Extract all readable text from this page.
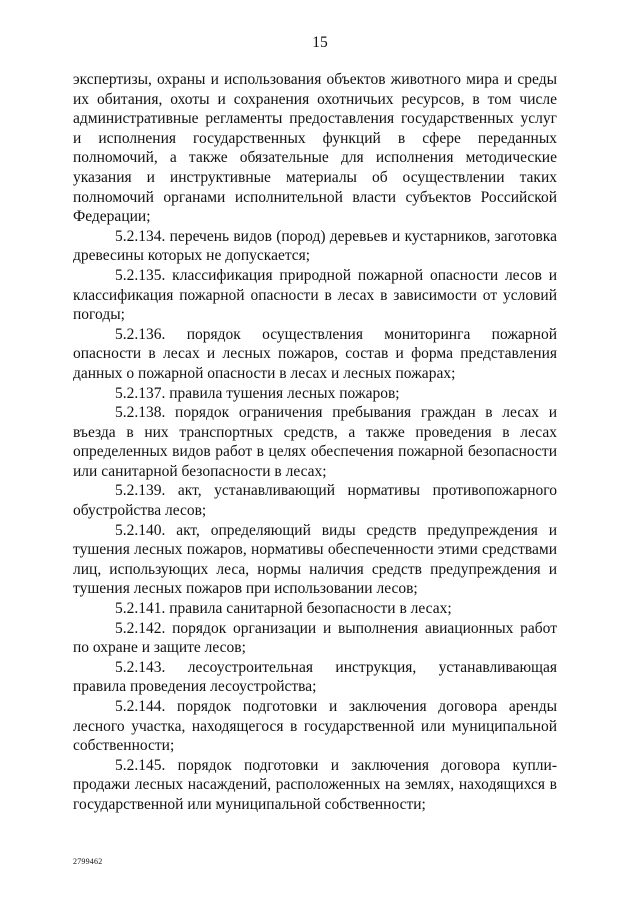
15

экспертизы, охраны и использования объектов животного мира и среды их обитания, охоты и сохранения охотничьих ресурсов, в том числе административные регламенты предоставления государственных услуг и исполнения государственных функций в сфере переданных полномочий, а также обязательные для исполнения методические указания и инструктивные материалы об осуществлении таких полномочий органами исполнительной власти субъектов Российской Федерации;

5.2.134. перечень видов (пород) деревьев и кустарников, заготовка древесины которых не допускается;

5.2.135. классификация природной пожарной опасности лесов и классификация пожарной опасности в лесах в зависимости от условий погоды;

5.2.136. порядок осуществления мониторинга пожарной опасности в лесах и лесных пожаров, состав и форма представления данных о пожарной опасности в лесах и лесных пожарах;

5.2.137. правила тушения лесных пожаров;

5.2.138. порядок ограничения пребывания граждан в лесах и въезда в них транспортных средств, а также проведения в лесах определенных видов работ в целях обеспечения пожарной безопасности или санитарной безопасности в лесах;

5.2.139. акт, устанавливающий нормативы противопожарного обустройства лесов;

5.2.140. акт, определяющий виды средств предупреждения и тушения лесных пожаров, нормативы обеспеченности этими средствами лиц, использующих леса, нормы наличия средств предупреждения и тушения лесных пожаров при использовании лесов;

5.2.141. правила санитарной безопасности в лесах;

5.2.142. порядок организации и выполнения авиационных работ по охране и защите лесов;

5.2.143. лесоустроительная инструкция, устанавливающая правила проведения лесоустройства;

5.2.144. порядок подготовки и заключения договора аренды лесного участка, находящегося в государственной или муниципальной собственности;

5.2.145. порядок подготовки и заключения договора купли-продажи лесных насаждений, расположенных на землях, находящихся в государственной или муниципальной собственности;

2799462
